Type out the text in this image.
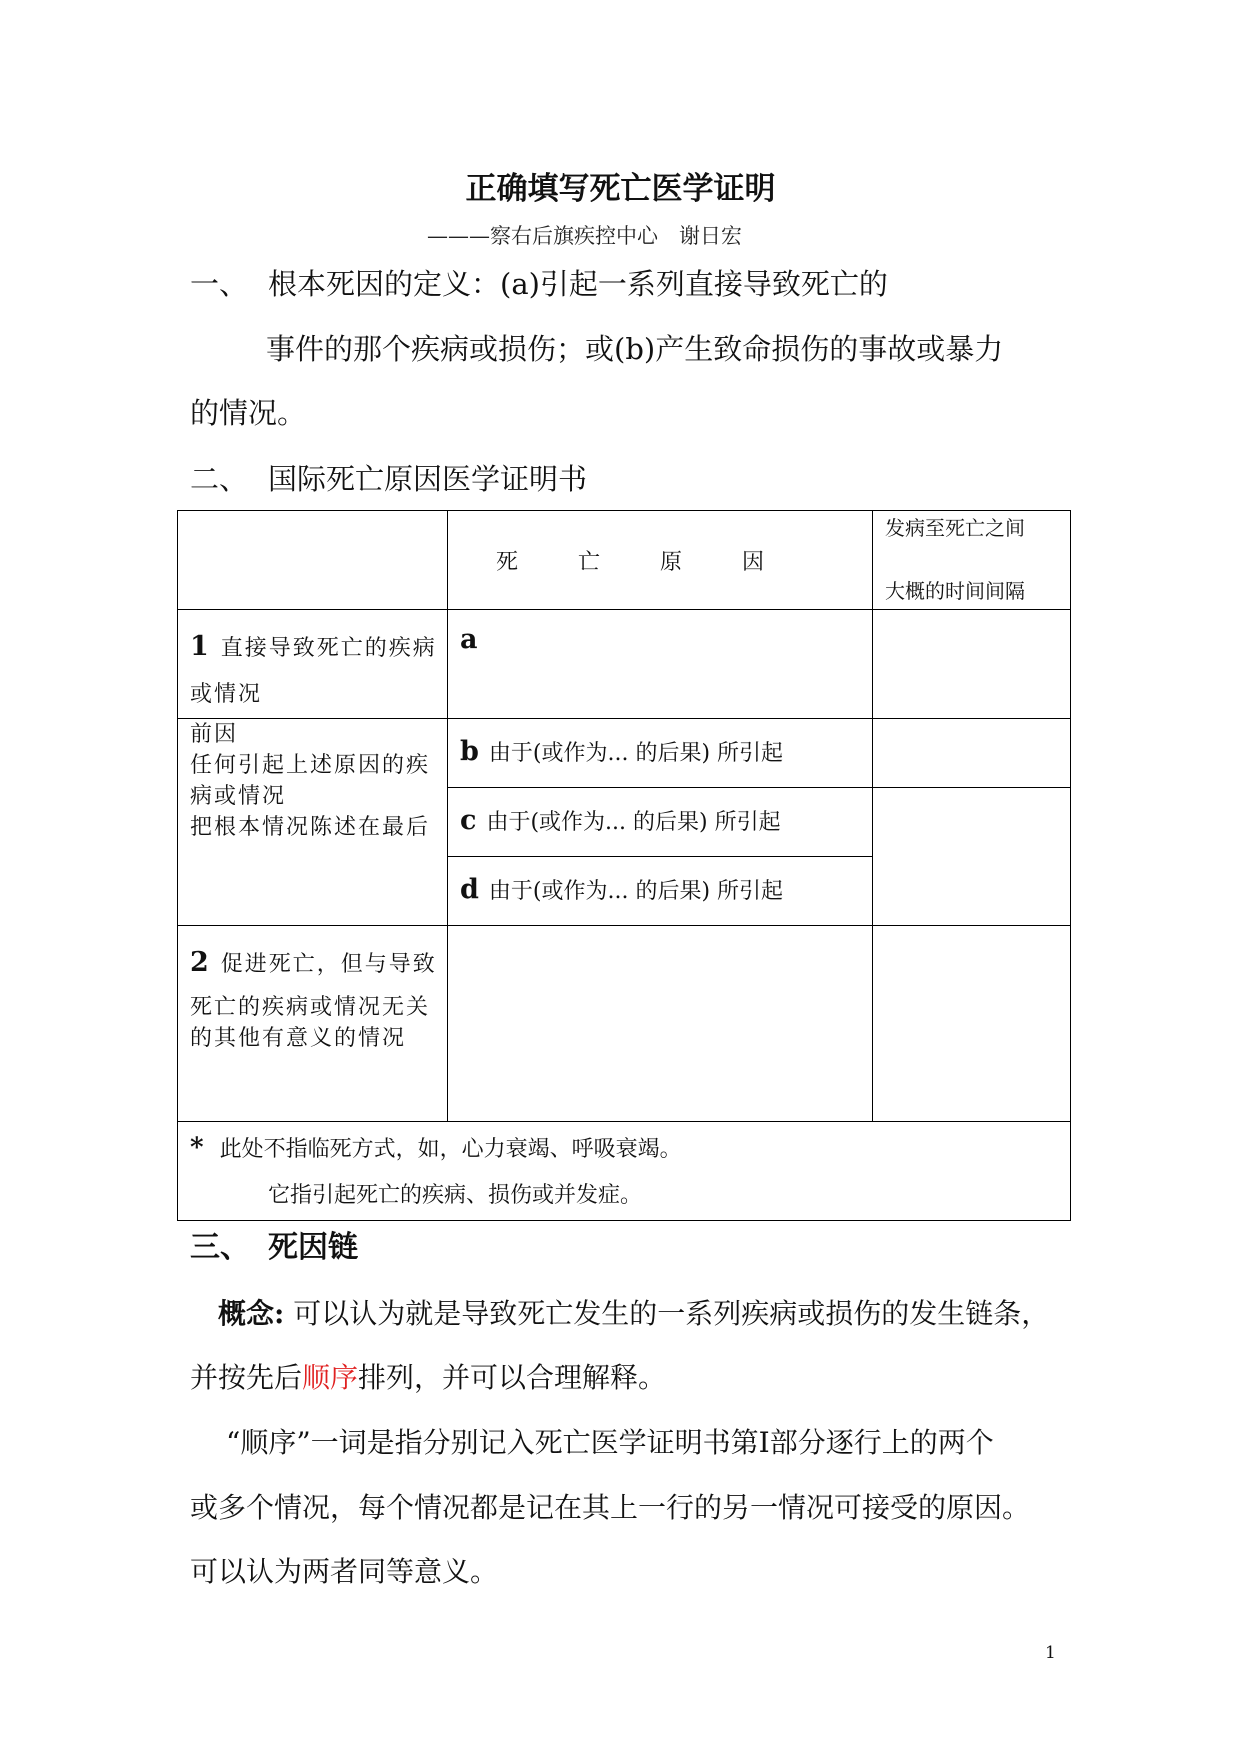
正确填写死亡医学证明
———察右后旗疾控中心　谢日宏
一、 根本死因的定义：(a)引起一系列直接导致死亡的
事件的那个疾病或损伤；或(b)产生致命损伤的事故或暴力
的情况。
二、 国际死亡原因医学证明书
	死 亡 原 因	发病至死亡之间
大概的时间间隔

1 直接导致死亡的疾病或情况	a	

前因
任何引起上述原因的疾病或情况
把根本情况陈述在最后	b 由于(或作为... 的后果) 所引起	
	c 由于(或作为... 的后果) 所引起	
	d 由于(或作为... 的后果) 所引起	

2 促进死亡，但与导致
死亡的疾病或情况无关的其他有意义的情况		

* 此处不指临死方式，如，心力衰竭、呼吸衰竭。
它指引起死亡的疾病、损伤或并发症。		
三、 死因链
概念: 可以认为就是导致死亡发生的一系列疾病或损伤的发生链条，
并按先后顺序排列，并可以合理解释。
“顺序”一词是指分别记入死亡医学证明书第Ⅰ部分逐行上的两个
或多个情况，每个情况都是记在其上一行的另一情况可接受的原因。
可以认为两者同等意义。
1
